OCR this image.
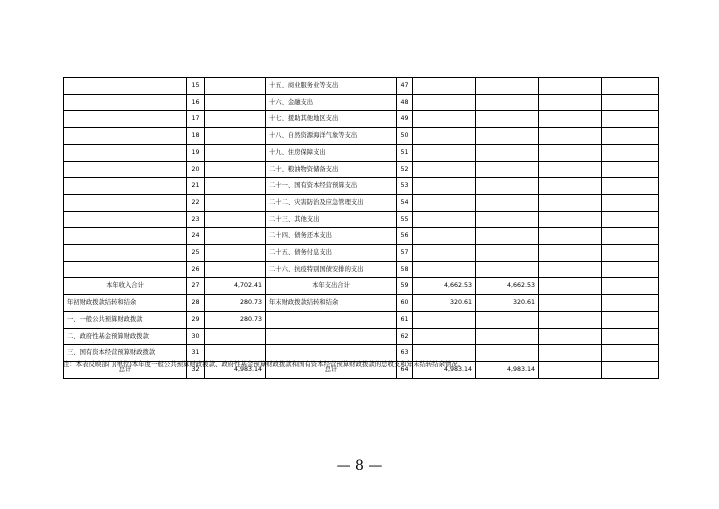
	15		十五、商业服务业等支出	47				
	16		十六、金融支出	48				
	17		十七、援助其他地区支出	49				
	18		十八、自然资源海洋气象等支出	50				
	19		十九、住房保障支出	51				
	20		二十、粮油物资储备支出	52				
	21		二十一、国有资本经营预算支出	53				
	22		二十二、灾害防治及应急管理支出	54				
	23		二十三、其他支出	55				
	24		二十四、债务还本支出	56				
	25		二十五、债务付息支出	57				
	26		二十六、抗疫特别国债安排的支出	58				
本年收入合计	27	4,702.41	本年支出合计	59	4,662.53	4,662.53		
年初财政拨款结转和结余	28	280.73	年末财政拨款结转和结余	60	320.61	320.61		
一、一般公共预算财政拨款	29	280.73		61				
二、政府性基金预算财政拨款	30			62				
三、国有资本经营预算财政拨款	31			63				
总计	32	4,983.14	总计	64	4,983.14	4,983.14		
注：本表反映部门(单位)本年度一般公共预算财政拨款、政府性基金预算财政拨款和国有资本经营预算财政拨款的总收支和年末结转结余情况。
— 8 —
